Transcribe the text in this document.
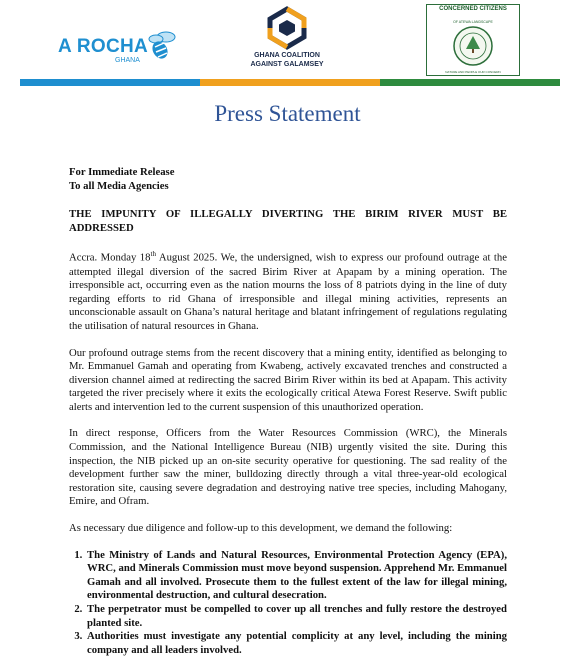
A ROCHA
GHANA
GHANA COALITION
AGAINST GALAMSEY
CONCERNED CITIZENS
OF ATEWA LANDSCAPE
NATURE AND PEOPLE OUR CONCERN
Press Statement

For Immediate Release

To all Media Agencies

THE IMPUNITY OF ILLEGALLY DIVERTING THE BIRIM RIVER MUST BE ADDRESSED

Accra. Monday 18th August 2025. We, the undersigned, wish to express our profound outrage at the attempted illegal diversion of the sacred Birim River at Apapam by a mining operation. The irresponsible act, occurring even as the nation mourns the loss of 8 patriots dying in the line of duty regarding efforts to rid Ghana of irresponsible and illegal mining activities, represents an unconscionable assault on Ghana’s natural heritage and blatant infringement of regulations regulating the utilisation of natural resources in Ghana.

Our profound outrage stems from the recent discovery that a mining entity, identified as belonging to Mr. Emmanuel Gamah and operating from Kwabeng, actively excavated trenches and constructed a diversion channel aimed at redirecting the sacred Birim River within its bed at Apapam. This activity targeted the river precisely where it exits the ecologically critical Atewa Forest Reserve. Swift public alerts and intervention led to the current suspension of this unauthorized operation.

In direct response, Officers from the Water Resources Commission (WRC), the Minerals Commission, and the National Intelligence Bureau (NIB) urgently visited the site. During this inspection, the NIB picked up an on-site security operative for questioning. The sad reality of the development further saw the miner, bulldozing directly through a vital three-year-old ecological restoration site, causing severe degradation and destroying native tree species, including Mahogany, Emire, and Ofram.

As necessary due diligence and follow-up to this development, we demand the following:

1. The Ministry of Lands and Natural Resources, Environmental Protection Agency (EPA), WRC, and Minerals Commission must move beyond suspension. Apprehend Mr. Emmanuel Gamah and all involved. Prosecute them to the fullest extent of the law for illegal mining, environmental destruction, and cultural desecration.
2. The perpetrator must be compelled to cover up all trenches and fully restore the destroyed planted site.
3. Authorities must investigate any potential complicity at any level, including the mining company and all leaders involved.
